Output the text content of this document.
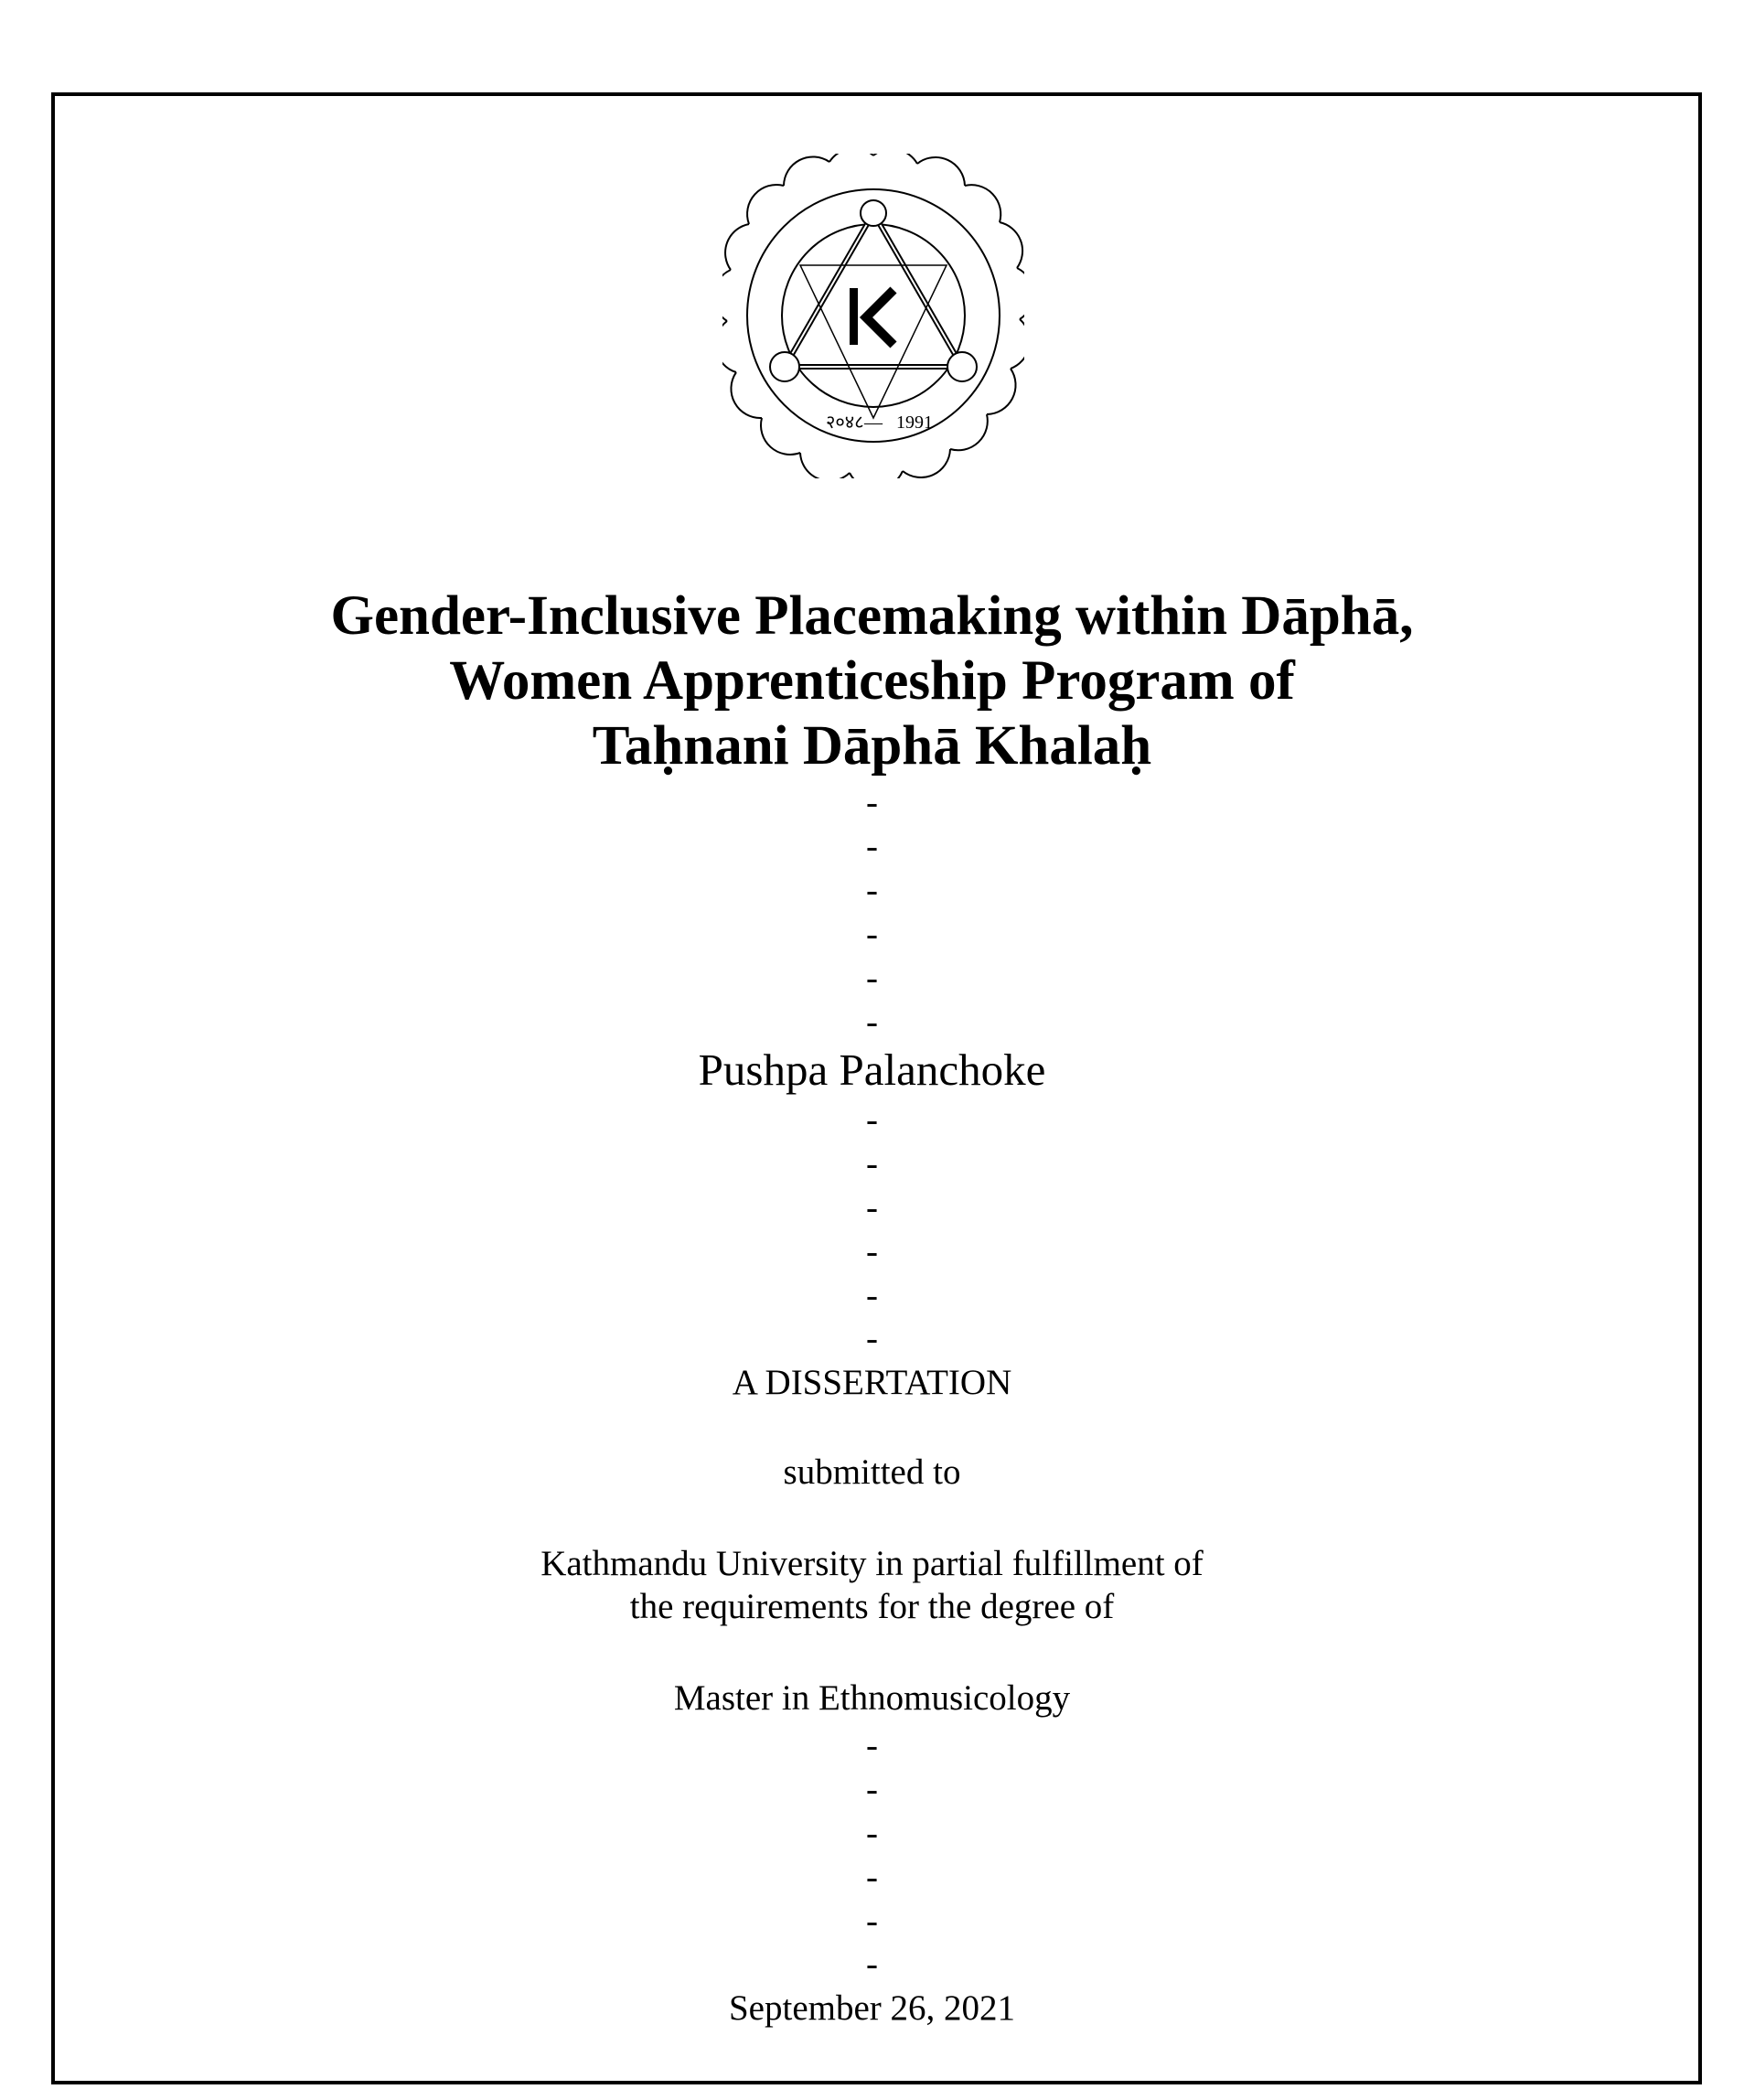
२०४८ 1991
—
Gender-Inclusive Placemaking within Dāphā,
Women Apprenticeship Program of
Taḥnani Dāphā Khalaḥ
-
-
-
-
-
-
Pushpa Palanchoke
-
-
-
-
-
-
A DISSERTATION
submitted to
Kathmandu University in partial fulfillment of
the requirements for the degree of
Master in Ethnomusicology
-
-
-
-
-
-
September 26, 2021
